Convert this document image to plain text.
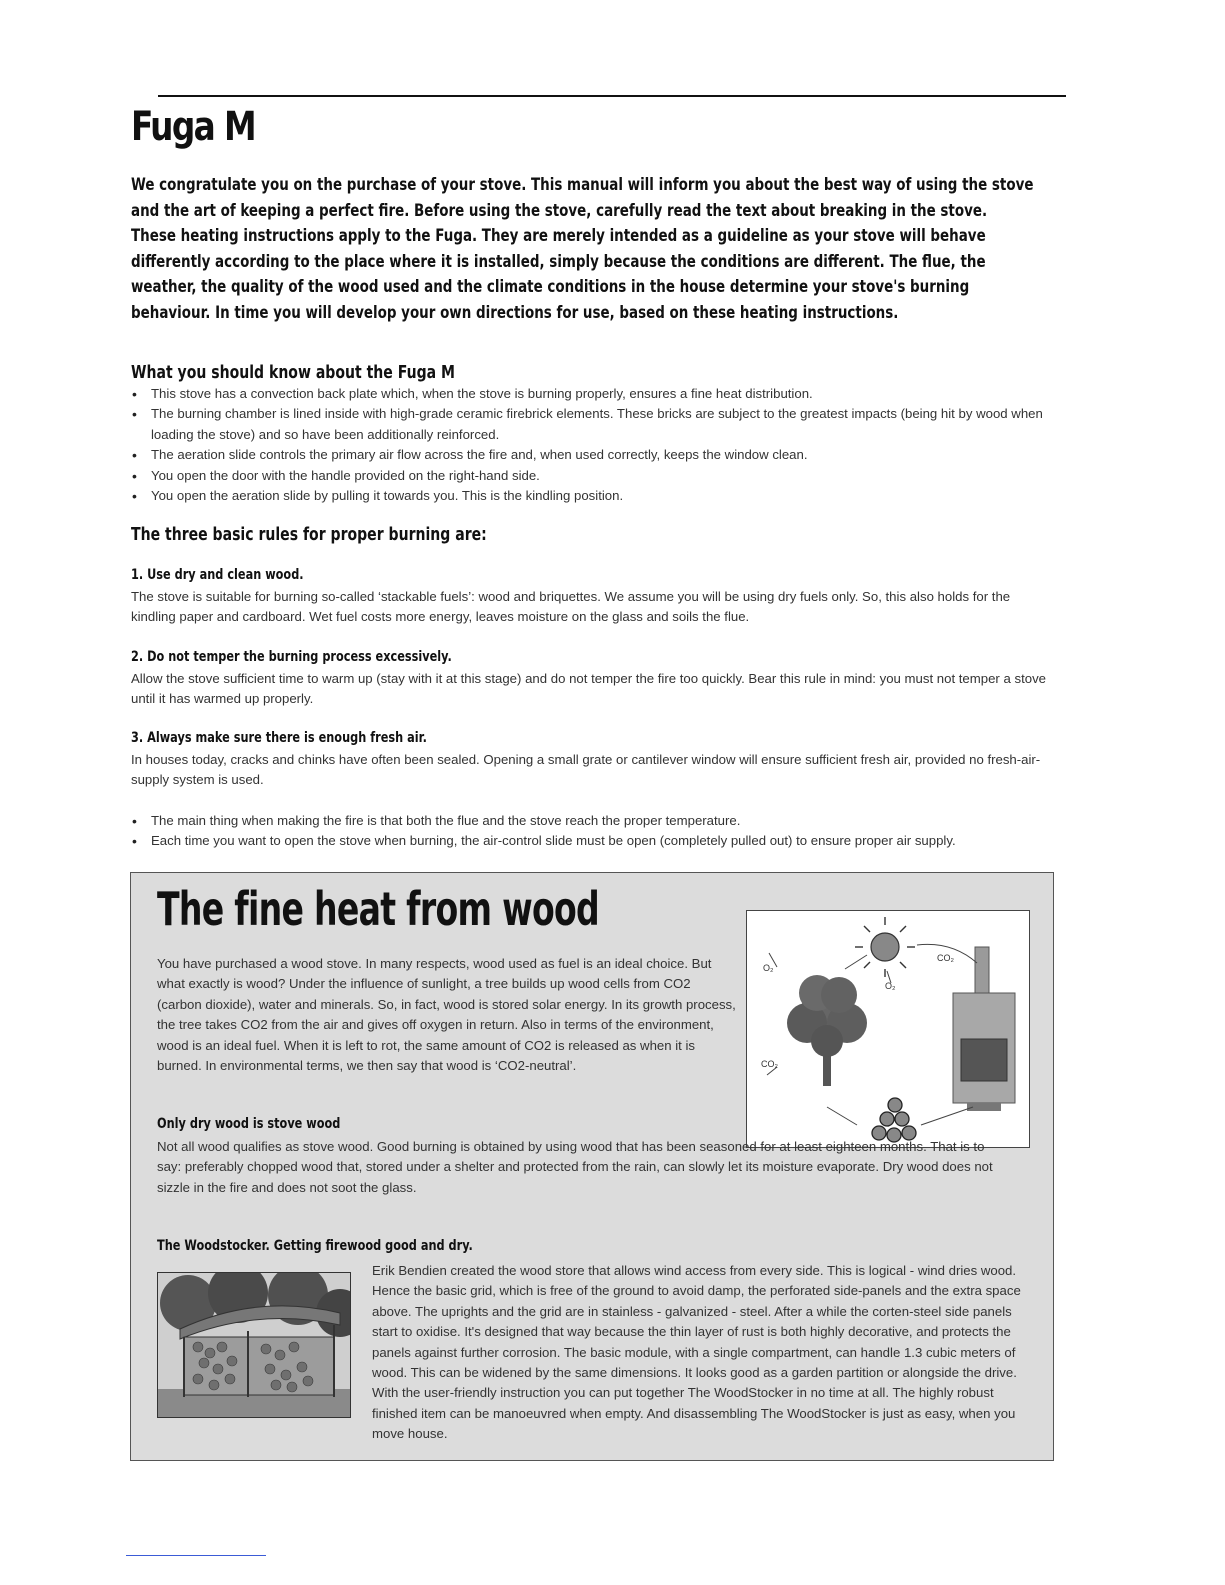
Fuga M

We congratulate you on the purchase of your stove. This manual will inform you about the best way of using the stove and the art of keeping a perfect fire. Before using the stove, carefully read the text about breaking in the stove.

These heating instructions apply to the Fuga. They are merely intended as a guideline as your stove will behave differently according to the place where it is installed, simply because the conditions are different. The flue, the weather, the quality of the wood used and the climate conditions in the house determine your stove's burning behaviour. In time you will develop your own directions for use, based on these heating instructions.

What you should know about the Fuga M
• This stove has a convection back plate which, when the stove is burning properly, ensures a fine heat distribution.
• The burning chamber is lined inside with high-grade ceramic firebrick elements. These bricks are subject to the greatest impacts (being hit by wood when loading the stove) and so have been additionally reinforced.
• The aeration slide controls the primary air flow across the fire and, when used correctly, keeps the window clean.
• You open the door with the handle provided on the right-hand side.
• You open the aeration slide by pulling it towards you. This is the kindling position.
The three basic rules for proper burning are:
1. Use dry and clean wood.

The stove is suitable for burning so-called ‘stackable fuels’: wood and briquettes. We assume you will be using dry fuels only. So, this also holds for the kindling paper and cardboard. Wet fuel costs more energy, leaves moisture on the glass and soils the flue.

2. Do not temper the burning process excessively.

Allow the stove sufficient time to warm up (stay with it at this stage) and do not temper the fire too quickly. Bear this rule in mind: you must not temper a stove until it has warmed up properly.

3. Always make sure there is enough fresh air.

In houses today, cracks and chinks have often been sealed. Opening a small grate or cantilever window will ensure sufficient fresh air, provided no fresh-air-supply system is used.

• The main thing when making the fire is that both the flue and the stove reach the proper temperature.
• Each time you want to open the stove when burning, the air-control slide must be open (completely pulled out) to ensure proper air supply.
The fine heat from wood

You have purchased a wood stove. In many respects, wood used as fuel is an ideal choice. But what exactly is wood? Under the influence of sunlight, a tree builds up wood cells from CO2 (carbon dioxide), water and minerals. So, in fact, wood is stored solar energy. In its growth process, the tree takes CO2 from the air and gives off oxygen in return. Also in terms of the environment, wood is an ideal fuel. When it is left to rot, the same amount of CO2 is released as when it is burned. In environmental terms, we then say that wood is ‘CO2-neutral’.

O₂
O₂
CO₂
CO₂
Only dry wood is stove wood

Not all wood qualifies as stove wood. Good burning is obtained by using wood that has been seasoned for at least eighteen months. That is to say: preferably chopped wood that, stored under a shelter and protected from the rain, can slowly let its moisture evaporate. Dry wood does not sizzle in the fire and does not soot the glass.

The Woodstocker. Getting firewood good and dry.

Erik Bendien created the wood store that allows wind access from every side. This is logical - wind dries wood. Hence the basic grid, which is free of the ground to avoid damp, the perforated side-panels and the extra space above. The uprights and the grid are in stainless - galvanized - steel. After a while the corten-steel side panels start to oxidise. It's designed that way because the thin layer of rust is both highly decorative, and protects the panels against further corrosion. The basic module, with a single compartment, can handle 1.3 cubic meters of wood. This can be widened by the same dimensions. It looks good as a garden partition or alongside the drive. With the user-friendly instruction you can put together The WoodStocker in no time at all. The highly robust finished item can be manoeuvred when empty. And disassembling The WoodStocker is just as easy, when you move house.
